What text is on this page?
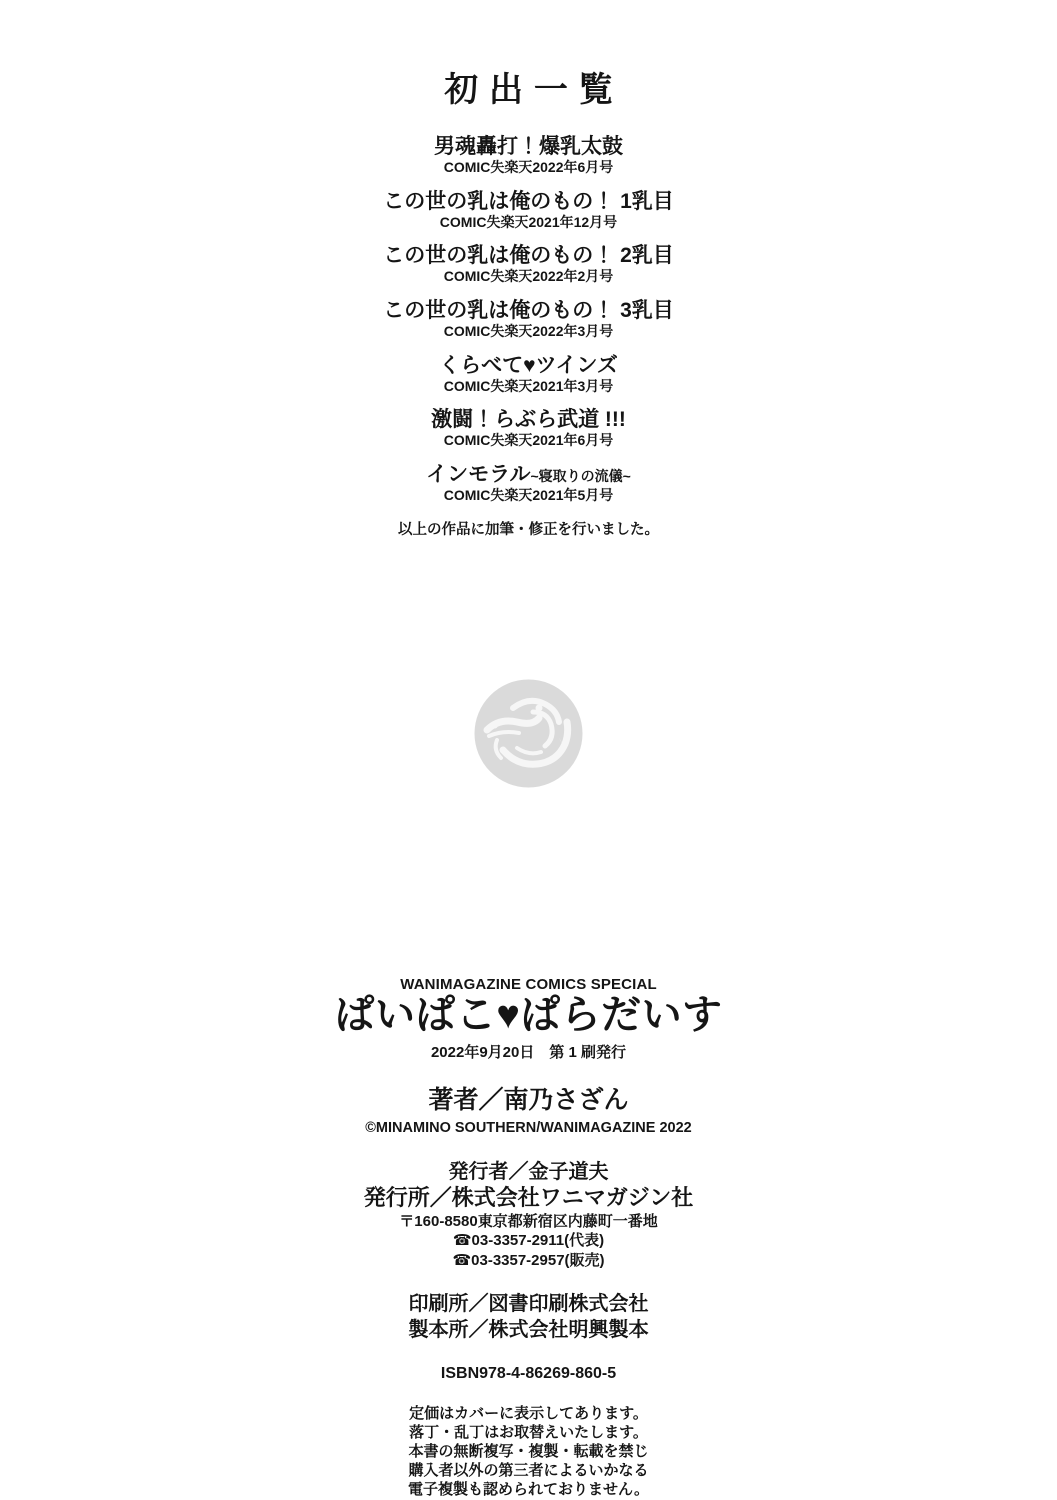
初出一覧

男魂轟打！爆乳太鼓

COMIC失楽天2022年6月号

この世の乳は俺のもの！ 1乳目

COMIC失楽天2021年12月号

この世の乳は俺のもの！ 2乳目

COMIC失楽天2022年2月号

この世の乳は俺のもの！ 3乳目

COMIC失楽天2022年3月号

くらべて♥ツインズ

COMIC失楽天2021年3月号

激闘！らぶら武道 !!!

COMIC失楽天2021年6月号

インモラル~寝取りの流儀~

COMIC失楽天2021年5月号

以上の作品に加筆・修正を行いました。

WANIMAGAZINE COMICS SPECIAL

ぱいぱこ♥ぱらだいす

2022年9月20日　第 1 刷発行

著者／南乃さざん

©MINAMINO SOUTHERN/WANIMAGAZINE 2022

発行者／金子道夫

発行所／株式会社ワニマガジン社

〒160-8580東京都新宿区内藤町一番地

☎03-3357-2911(代表)

☎03-3357-2957(販売)

印刷所／図書印刷株式会社

製本所／株式会社明興製本

ISBN978-4-86269-860-5

定価はカバーに表示してあります。

落丁・乱丁はお取替えいたします。

本書の無断複写・複製・転載を禁じ

購入者以外の第三者によるいかなる

電子複製も認められておりません。
